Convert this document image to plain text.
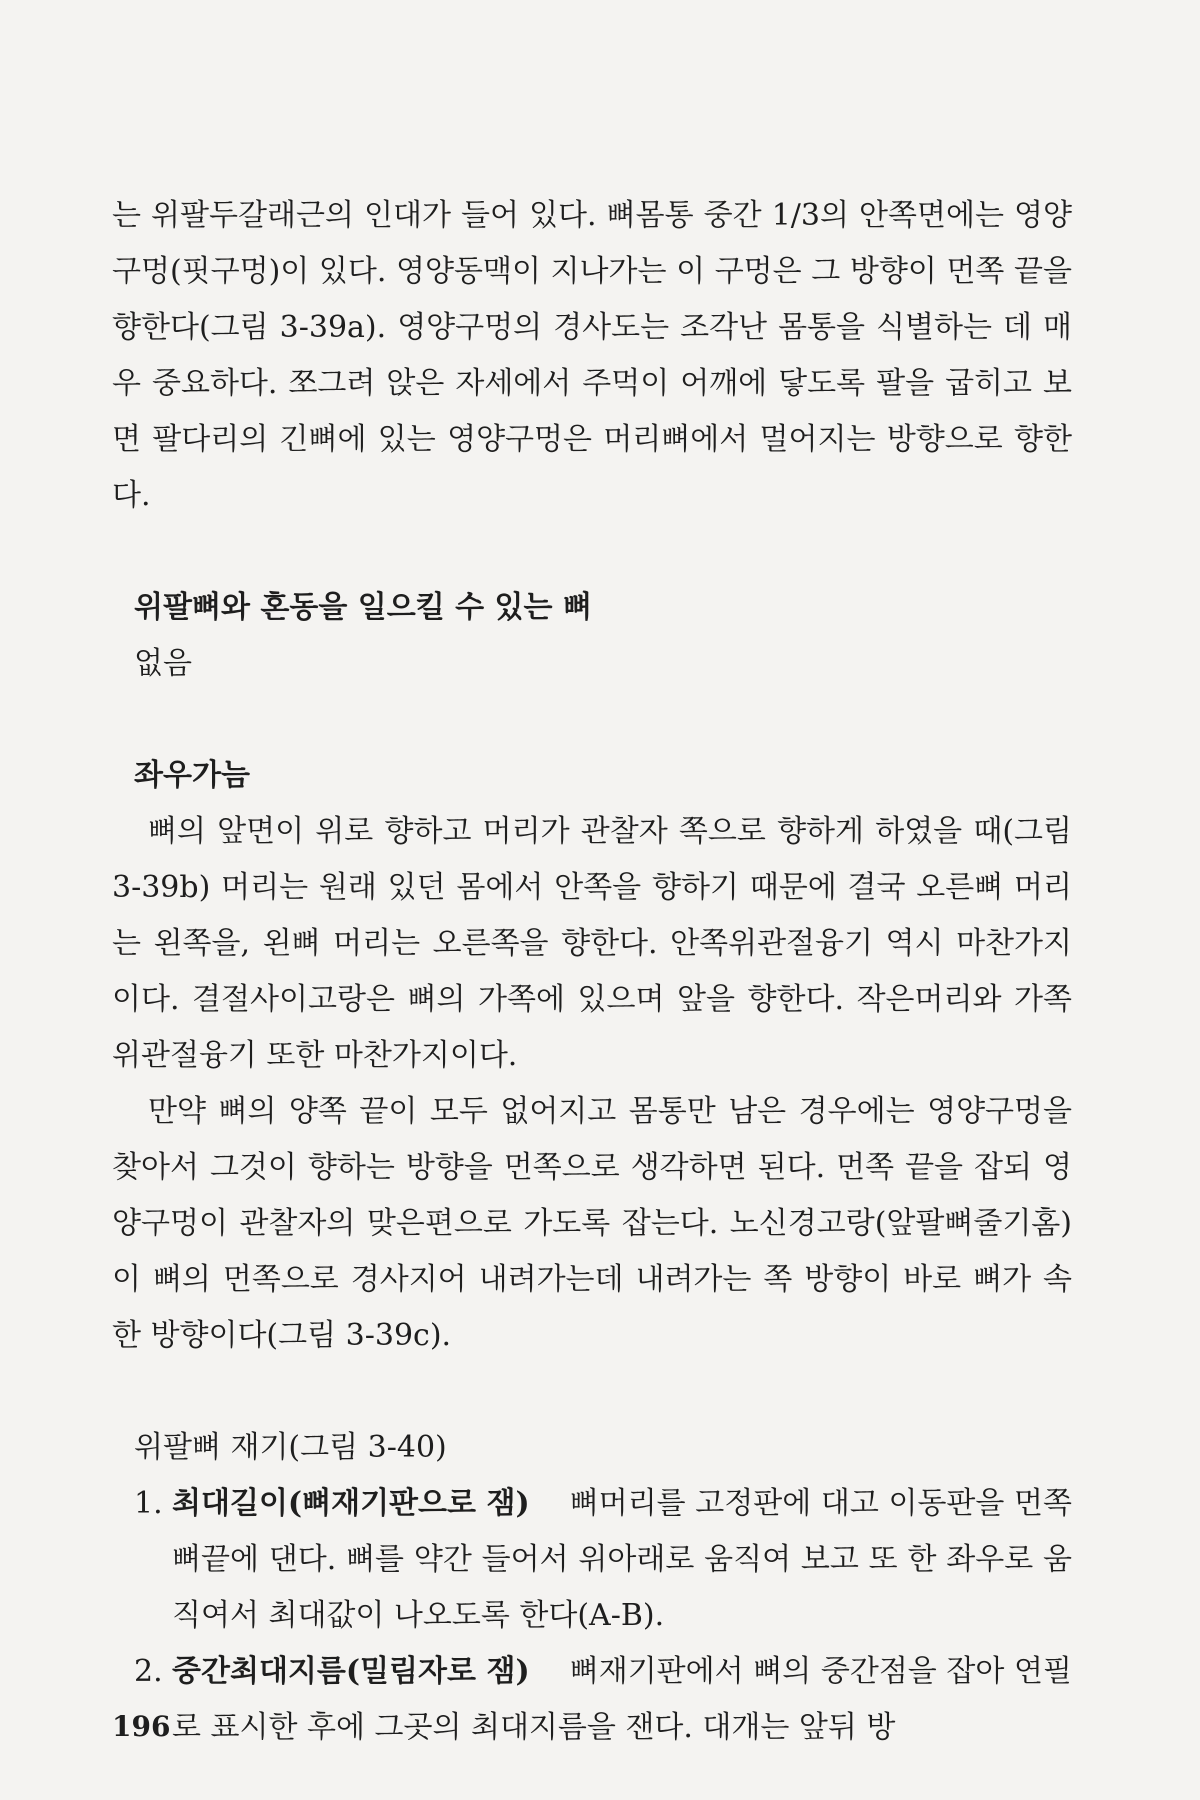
는 위팔두갈래근의 인대가 들어 있다. 뼈몸통 중간 1/3의 안쪽면에는 영양구멍(핏구멍)이 있다. 영양동맥이 지나가는 이 구멍은 그 방향이 먼쪽 끝을 향한다(그림 3-39a). 영양구멍의 경사도는 조각난 몸통을 식별하는 데 매우 중요하다. 쪼그려 앉은 자세에서 주먹이 어깨에 닿도록 팔을 굽히고 보면 팔다리의 긴뼈에 있는 영양구멍은 머리뼈에서 멀어지는 방향으로 향한다.

위팔뼈와 혼동을 일으킬 수 있는 뼈

없음

좌우가늠

뼈의 앞면이 위로 향하고 머리가 관찰자 쪽으로 향하게 하였을 때(그림 3-39b) 머리는 원래 있던 몸에서 안쪽을 향하기 때문에 결국 오른뼈 머리는 왼쪽을, 왼뼈 머리는 오른쪽을 향한다. 안쪽위관절융기 역시 마찬가지이다. 결절사이고랑은 뼈의 가쪽에 있으며 앞을 향한다. 작은머리와 가쪽위관절융기 또한 마찬가지이다.

만약 뼈의 양쪽 끝이 모두 없어지고 몸통만 남은 경우에는 영양구멍을 찾아서 그것이 향하는 방향을 먼쪽으로 생각하면 된다. 먼쪽 끝을 잡되 영양구멍이 관찰자의 맞은편으로 가도록 잡는다. 노신경고랑(앞팔뼈줄기홈)이 뼈의 먼쪽으로 경사지어 내려가는데 내려가는 쪽 방향이 바로 뼈가 속한 방향이다(그림 3-39c).

위팔뼈 재기(그림 3-40)

1. 최대길이(뼈재기판으로 잼) 뼈머리를 고정판에 대고 이동판을 먼쪽 뼈끝에 댄다. 뼈를 약간 들어서 위아래로 움직여 보고 또 한 좌우로 움직여서 최대값이 나오도록 한다(A-B).
2. 중간최대지름(밀림자로 잼) 뼈재기판에서 뼈의 중간점을 잡아 연필로 표시한 후에 그곳의 최대지름을 잰다. 대개는 앞뒤 방
196
